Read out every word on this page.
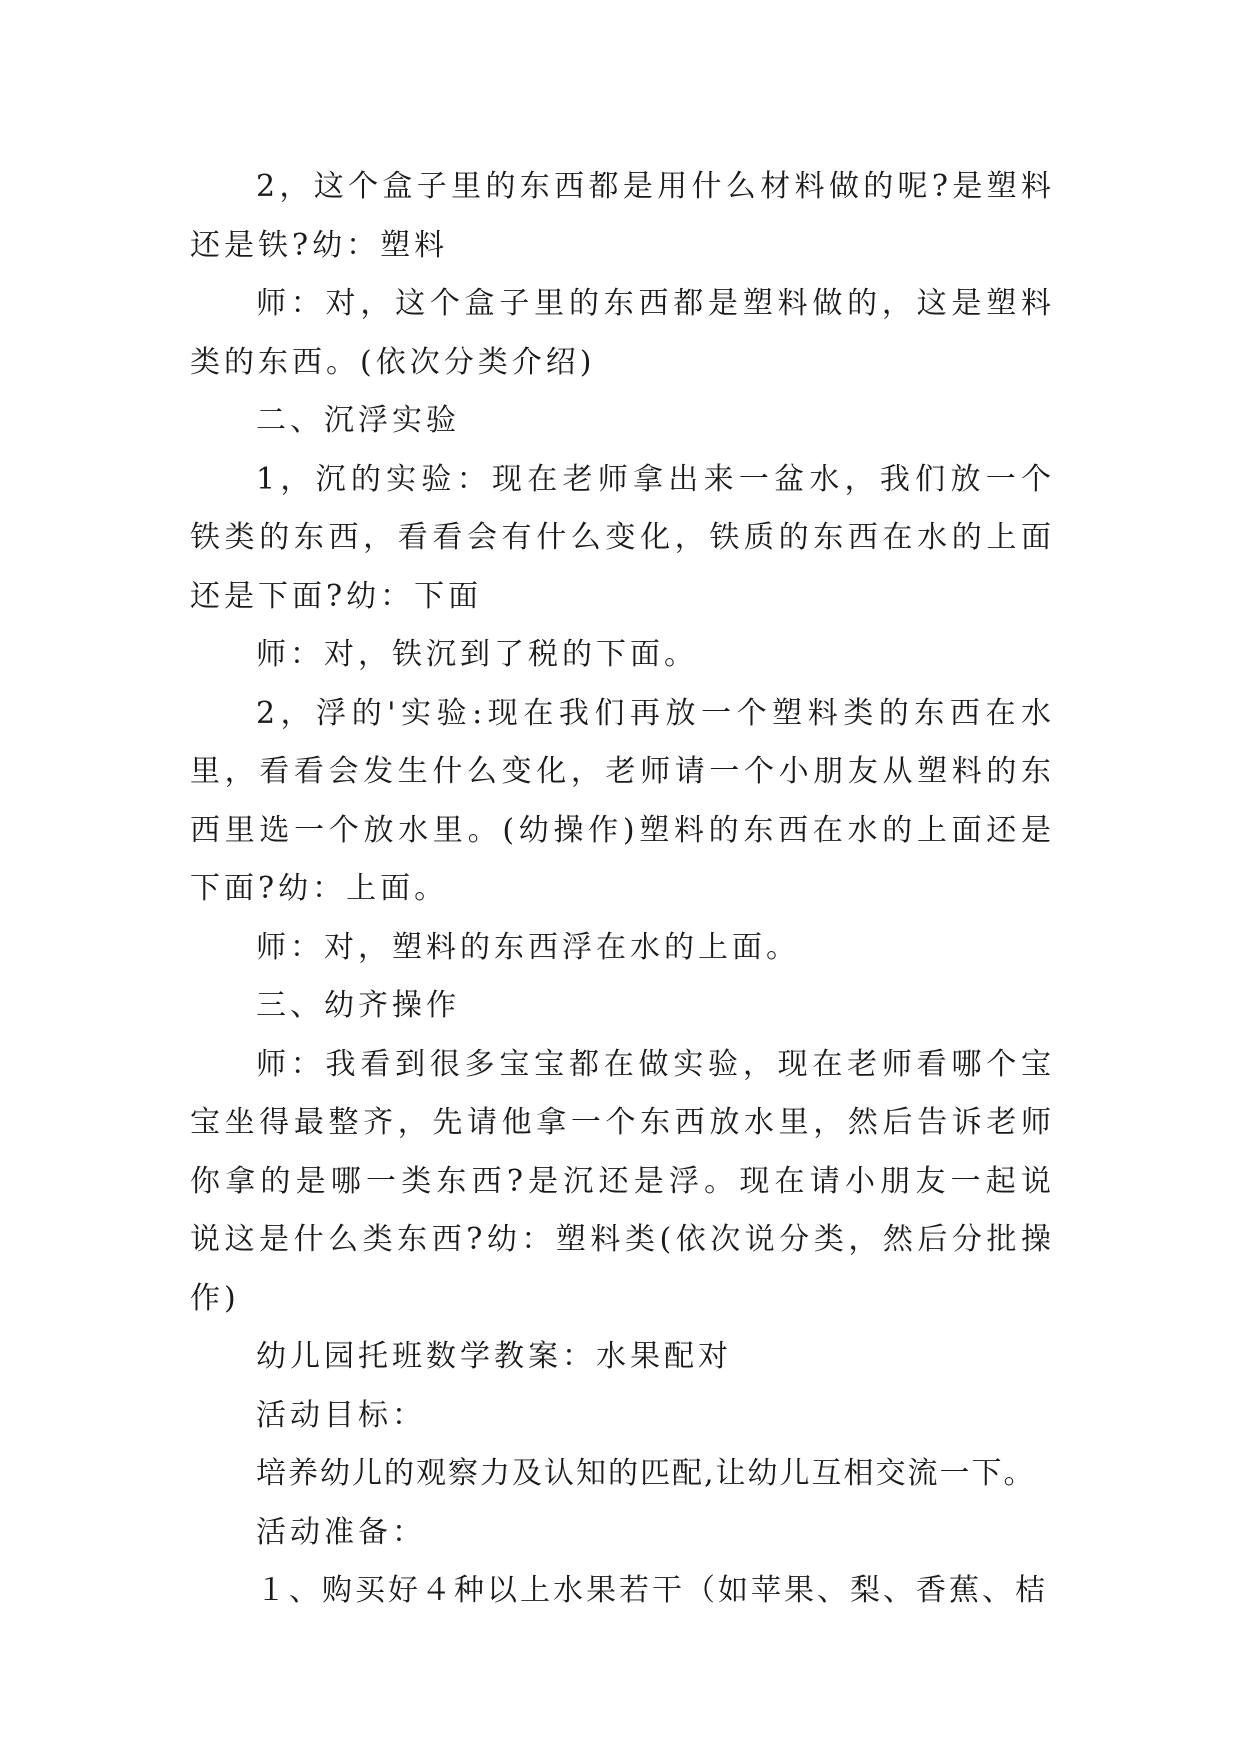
2，这个盒子里的东西都是用什么材料做的呢?是塑料还是铁?幼：塑料

师：对，这个盒子里的东西都是塑料做的，这是塑料类的东西。(依次分类介绍)

二、沉浮实验

1，沉的实验：现在老师拿出来一盆水，我们放一个铁类的东西，看看会有什么变化，铁质的东西在水的上面还是下面?幼：下面

师：对，铁沉到了税的下面。

2，浮的'实验:现在我们再放一个塑料类的东西在水里，看看会发生什么变化，老师请一个小朋友从塑料的东西里选一个放水里。(幼操作)塑料的东西在水的上面还是下面?幼：上面。

师：对，塑料的东西浮在水的上面。

三、幼齐操作

师：我看到很多宝宝都在做实验，现在老师看哪个宝宝坐得最整齐，先请他拿一个东西放水里，然后告诉老师你拿的是哪一类东西?是沉还是浮。现在请小朋友一起说说这是什么类东西?幼：塑料类(依次说分类，然后分批操作)

幼儿园托班数学教案：水果配对

活动目标：

培养幼儿的观察力及认知的匹配,让幼儿互相交流一下。

活动准备：

１、购买好４种以上水果若干（如苹果、梨、香蕉、桔
